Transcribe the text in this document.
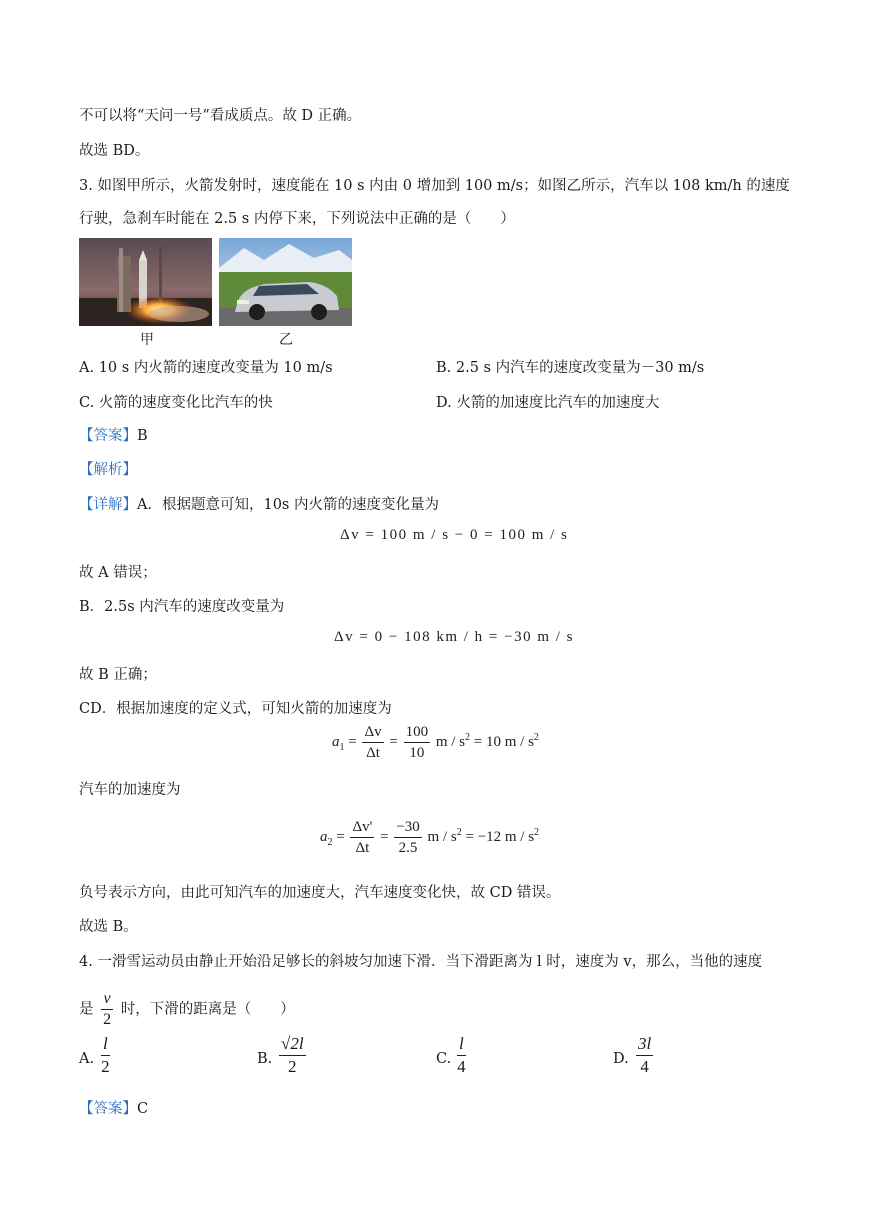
不可以将“天问一号”看成质点。故 D 正确。
故选 BD。
3. 如图甲所示，火箭发射时，速度能在 10 s 内由 0 增加到 100 m/s；如图乙所示，汽车以 108 km/h 的速度
行驶，急刹车时能在 2.5 s 内停下来，下列说法中正确的是（　　）
甲	乙
A. 10 s 内火箭的速度改变量为 10 m/s	B. 2.5 s 内汽车的速度改变量为－30 m/s
C. 火箭的速度变化比汽车的快	D. 火箭的加速度比汽车的加速度大
【答案】B
【解析】
【详解】A．根据题意可知，10s 内火箭的速度变化量为
Δv = 100 m / s − 0 = 100 m / s
故 A 错误；
B．2.5s 内汽车的速度改变量为
Δv = 0 − 108 km / h = −30 m / s
故 B 正确；
CD．根据加速度的定义式，可知火箭的加速度为
$a_1 = \frac{\Delta v}{\Delta t} = \frac{100}{10}$ $m / s^2 = 10$ m / $s^2$
汽车的加速度为
$a_2 = \frac{\Delta v'}{\Delta t} = \frac{-30}{2.5}$ $m / s^2 = -12$ m / $s^2$
负号表示方向，由此可知汽车的加速度大，汽车速度变化快，故 CD 错误。
故选 B。
4. 一滑雪运动员由静止开始沿足够长的斜坡匀加速下滑．当下滑距离为 l 时，速度为 v，那么，当他的速度
是 $\frac{v}{2}$ 时，下滑的距离是（　　）
A.
l
2	B.
√2l
2	C.
l
4	D.
3l
4
【答案】C
